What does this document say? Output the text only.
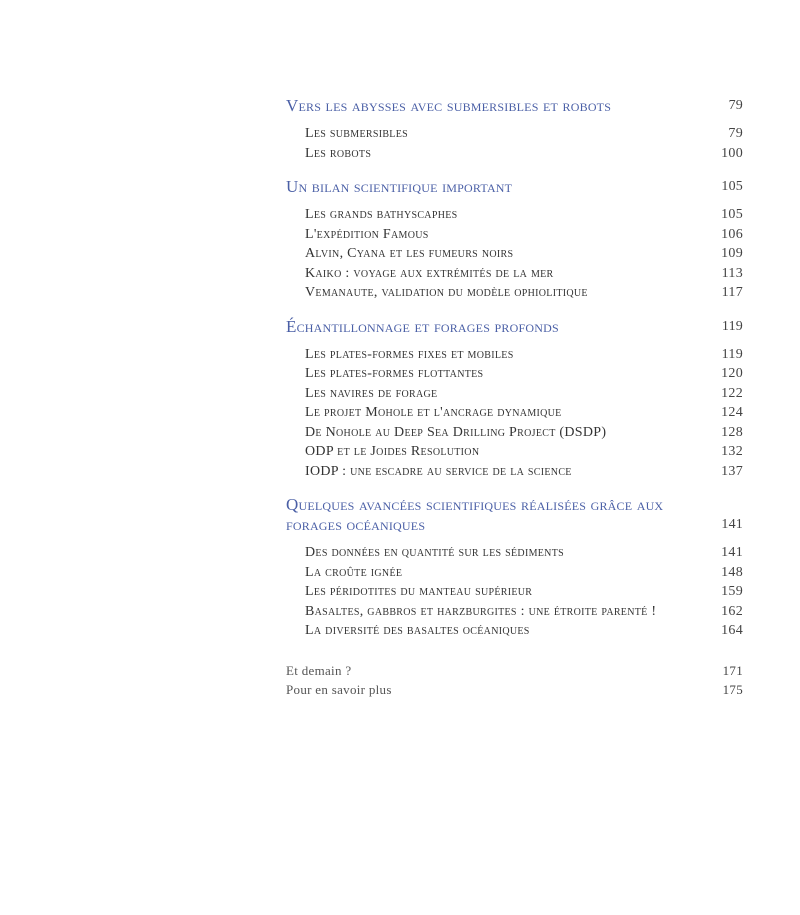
Vers les abysses avec submersibles et robots	79
Les submersibles	79
Les robots	100
Un bilan scientifique important	105
Les grands bathyscaphes	105
L'expédition Famous	106
Alvin, Cyana et les fumeurs noirs	109
Kaiko : voyage aux extrémités de la mer	113
Vemanaute, validation du modèle ophiolitique	117
Échantillonnage et forages profonds	119
Les plates-formes fixes et mobiles	119
Les plates-formes flottantes	120
Les navires de forage	122
Le projet Mohole et l'ancrage dynamique	124
De Nohole au Deep Sea Drilling Project (DSDP)	128
ODP et le Joides Resolution	132
IODP : une escadre au service de la science	137
Quelques avancées scientifiques réalisées grâce aux forages océaniques	141
Des données en quantité sur les sédiments	141
La croûte ignée	148
Les péridotites du manteau supérieur	159
Basaltes, gabbros et harzburgites : une étroite parenté !	162
La diversité des basaltes océaniques	164
Et demain ?	171
Pour en savoir plus	175
